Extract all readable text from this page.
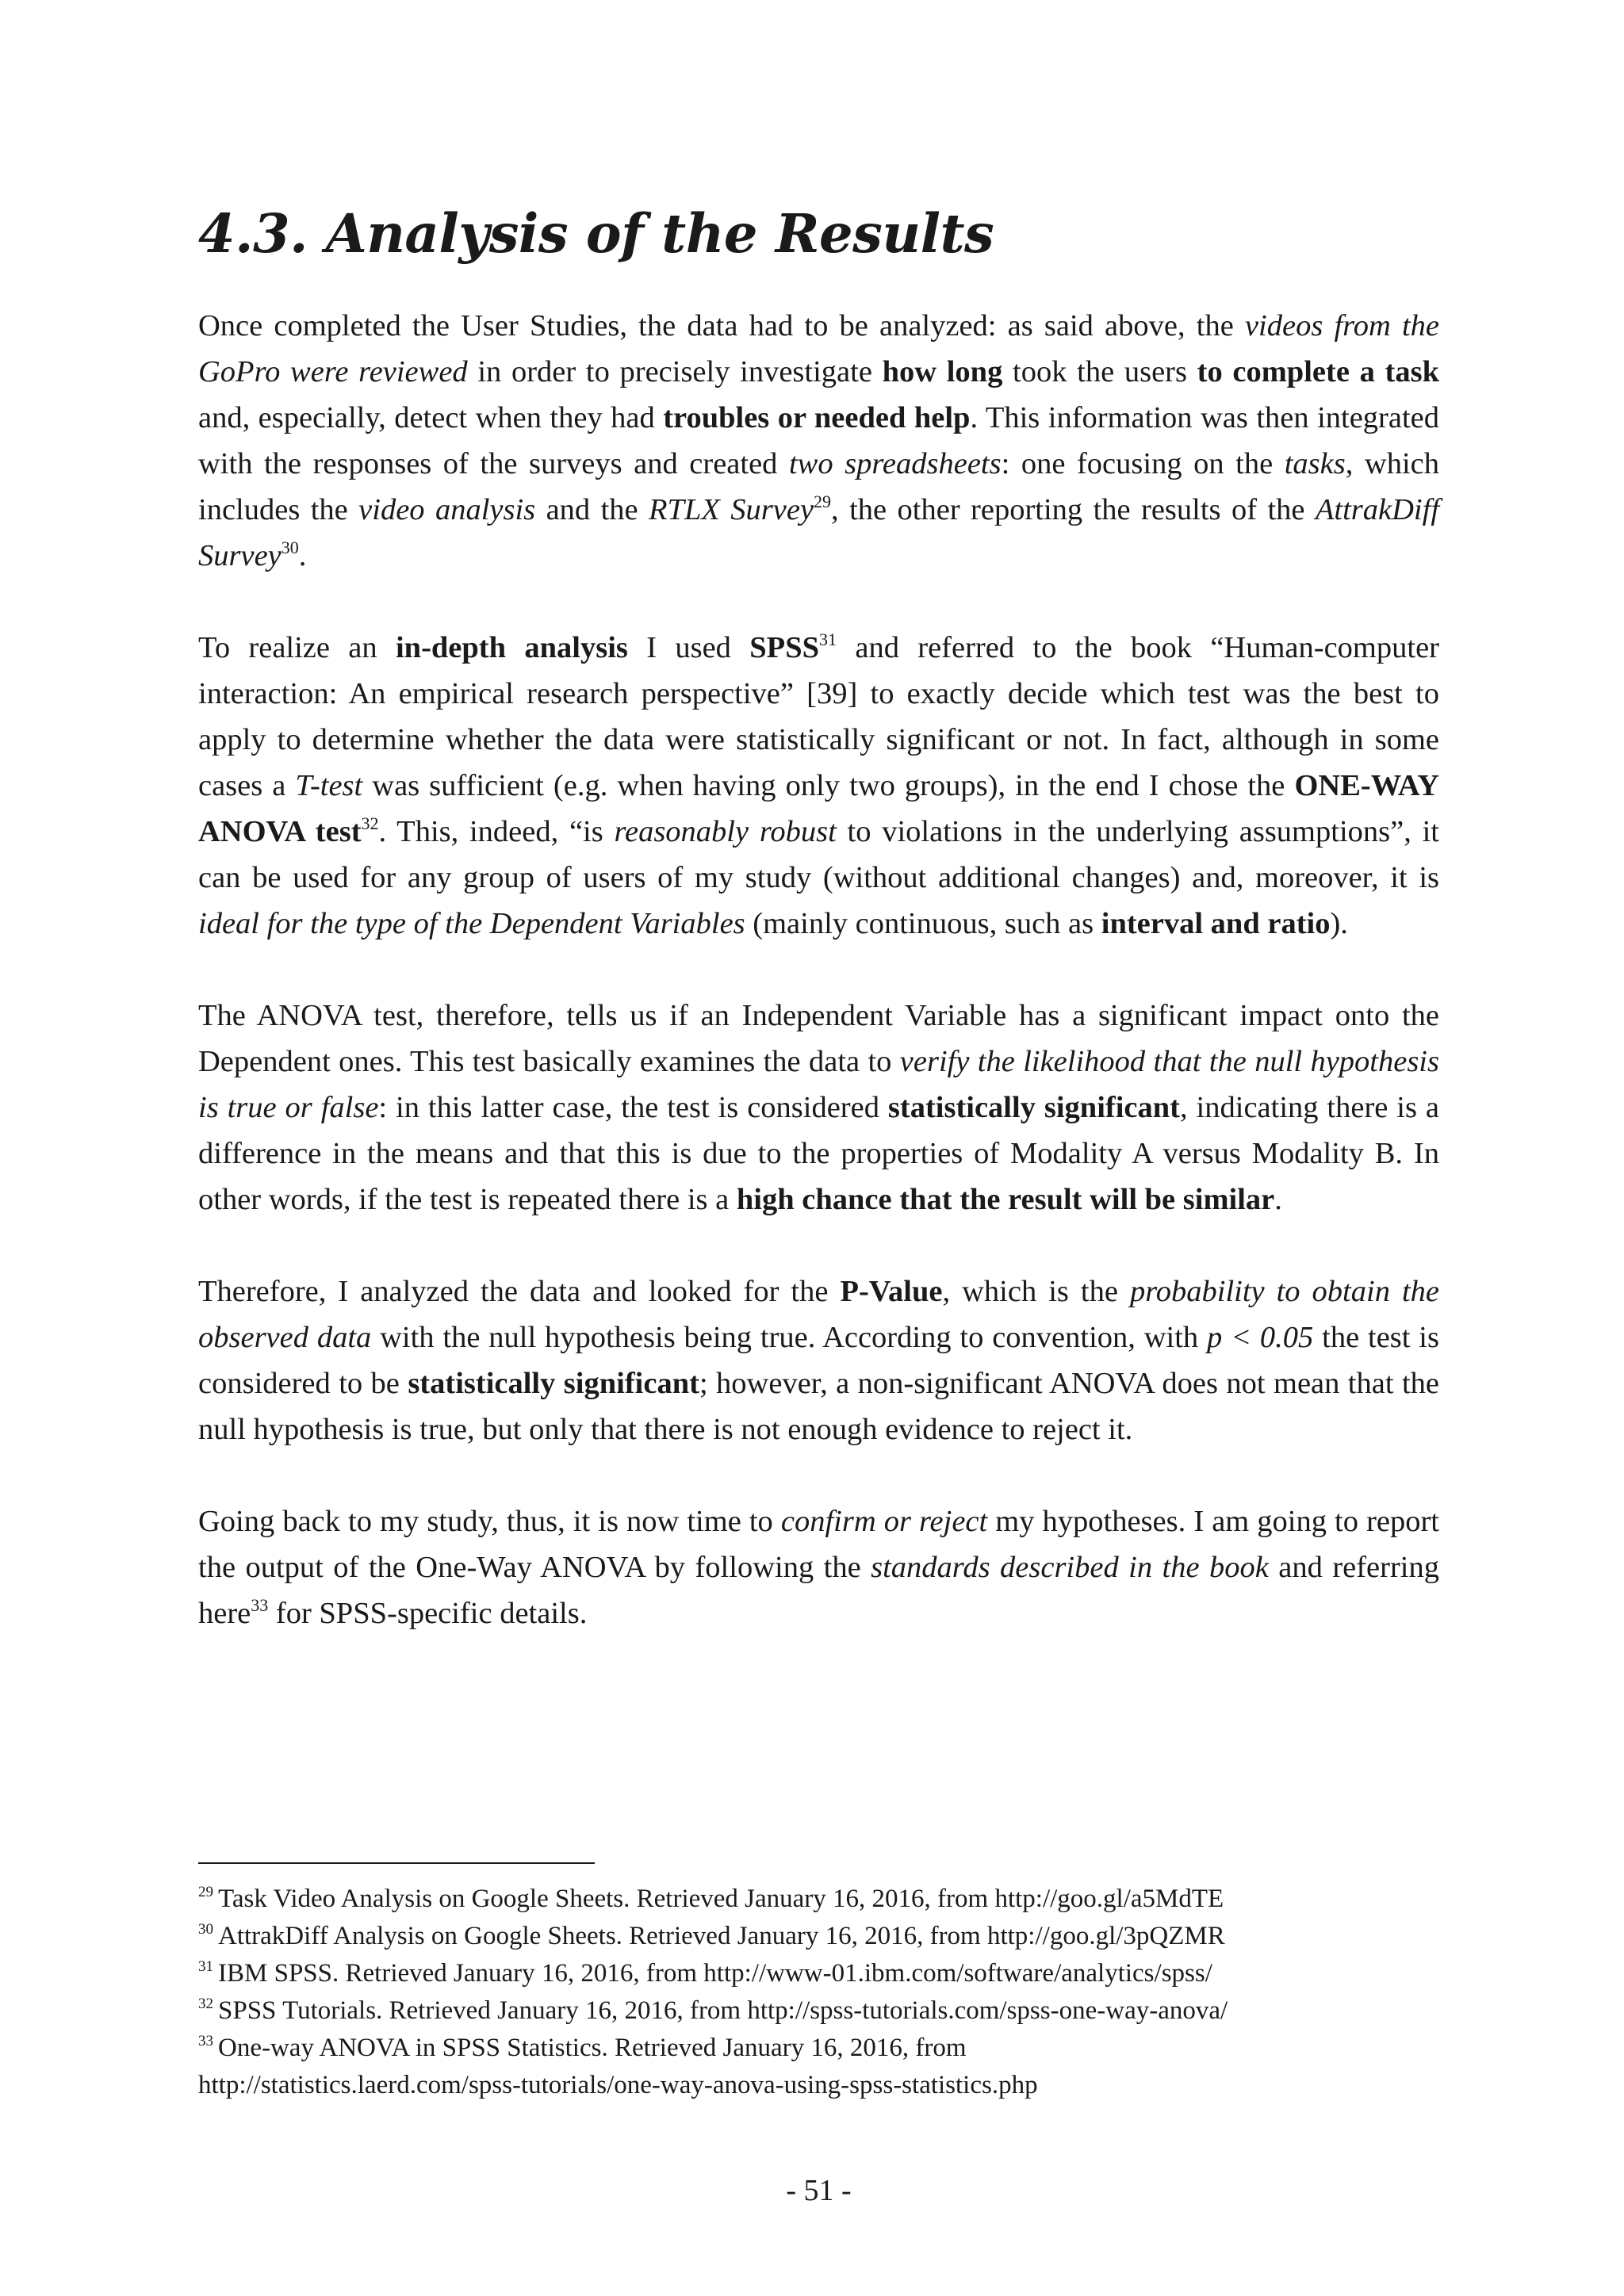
4.3. Analysis of the Results

Once completed the User Studies, the data had to be analyzed: as said above, the videos from the GoPro were reviewed in order to precisely investigate how long took the users to complete a task and, especially, detect when they had troubles or needed help. This information was then integrated with the responses of the surveys and created two spreadsheets: one focusing on the tasks, which includes the video analysis and the RTLX Survey$^{29}$, the other reporting the results of the AttrakDiff Survey$^{30}$.

To realize an in-depth analysis I used SPSS$^{31}$ and referred to the book “Human-computer interaction: An empirical research perspective” [39] to exactly decide which test was the best to apply to determine whether the data were statistically significant or not. In fact, although in some cases a T-test was sufficient (e.g. when having only two groups), in the end I chose the ONE-WAY ANOVA test$^{32}$. This, indeed, “is reasonably robust to violations in the underlying assumptions”, it can be used for any group of users of my study (without additional changes) and, moreover, it is ideal for the type of the Dependent Variables (mainly continuous, such as interval and ratio).

The ANOVA test, therefore, tells us if an Independent Variable has a significant impact onto the Dependent ones. This test basically examines the data to verify the likelihood that the null hypothesis is true or false: in this latter case, the test is considered statistically significant, indicating there is a difference in the means and that this is due to the properties of Modality A versus Modality B. In other words, if the test is repeated there is a high chance that the result will be similar.

Therefore, I analyzed the data and looked for the P-Value, which is the probability to obtain the observed data with the null hypothesis being true. According to convention, with p < 0.05 the test is considered to be statistically significant; however, a non-significant ANOVA does not mean that the null hypothesis is true, but only that there is not enough evidence to reject it.

Going back to my study, thus, it is now time to confirm or reject my hypotheses. I am going to report the output of the One-Way ANOVA by following the standards described in the book and referring here$^{33}$ for SPSS-specific details.

$^{29}$ Task Video Analysis on Google Sheets. Retrieved January 16, 2016, from http://goo.gl/a5MdTE
$^{30}$ AttrakDiff Analysis on Google Sheets. Retrieved January 16, 2016, from http://goo.gl/3pQZMR
$^{31}$ IBM SPSS. Retrieved January 16, 2016, from http://www-01.ibm.com/software/analytics/spss/
$^{32}$ SPSS Tutorials. Retrieved January 16, 2016, from http://spss-tutorials.com/spss-one-way-anova/
$^{33}$ One-way ANOVA in SPSS Statistics. Retrieved January 16, 2016, from
http://statistics.laerd.com/spss-tutorials/one-way-anova-using-spss-statistics.php
- 51 -
